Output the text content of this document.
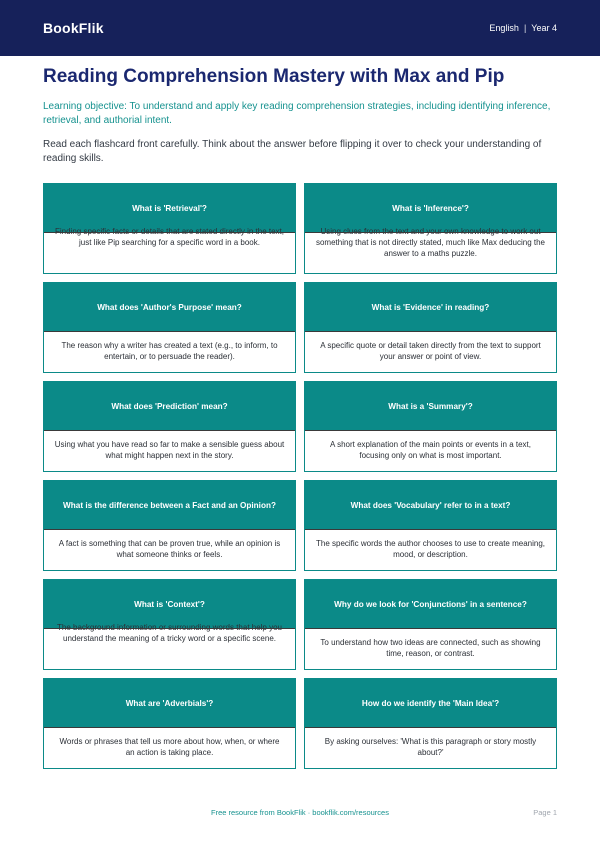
BookFlik	English | Year 4
Reading Comprehension Mastery with Max and Pip

Learning objective: To understand and apply key reading comprehension strategies, including identifying inference, retrieval, and authorial intent.

Read each flashcard front carefully. Think about the answer before flipping it over to check your understanding of reading skills.

What is 'Retrieval'?
just like Pip searching for a specific word in a book.
What is 'Inference'?
something that is not directly stated, much like Max deducing the answer to a maths puzzle.
What does 'Author's Purpose' mean?
The reason why a writer has created a text (e.g., to inform, to entertain, or to persuade the reader).
What is 'Evidence' in reading?
A specific quote or detail taken directly from the text to support your answer or point of view.
What does 'Prediction' mean?
Using what you have read so far to make a sensible guess about what might happen next in the story.
What is a 'Summary'?
A short explanation of the main points or events in a text, focusing only on what is most important.
What is the difference between a Fact and an Opinion?
A fact is something that can be proven true, while an opinion is what someone thinks or feels.
What does 'Vocabulary' refer to in a text?
The specific words the author chooses to use to create meaning, mood, or description.
What is 'Context'?
understand the meaning of a tricky word or a specific scene.
Why do we look for 'Conjunctions' in a sentence?
To understand how two ideas are connected, such as showing time, reason, or contrast.
What are 'Adverbials'?
Words or phrases that tell us more about how, when, or where an action is taking place.
How do we identify the 'Main Idea'?
By asking ourselves: 'What is this paragraph or story mostly about?'
Free resource from BookFlik · bookflik.com/resources	Page 1
